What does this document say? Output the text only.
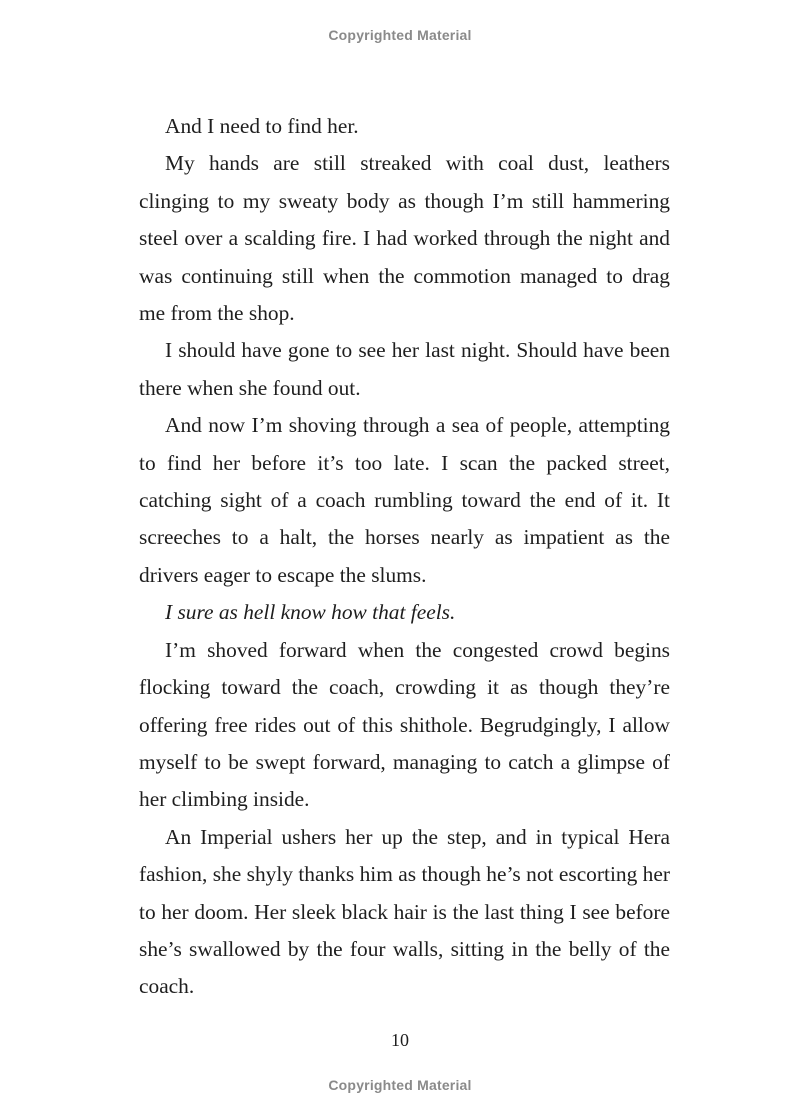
Copyrighted Material

And I need to find her.

My hands are still streaked with coal dust, leathers clinging to my sweaty body as though I’m still hammering steel over a scalding fire. I had worked through the night and was continuing still when the commotion managed to drag me from the shop.

I should have gone to see her last night. Should have been there when she found out.

And now I’m shoving through a sea of people, attempting to find her before it’s too late. I scan the packed street, catching sight of a coach rumbling toward the end of it. It screeches to a halt, the horses nearly as impatient as the drivers eager to escape the slums.

I sure as hell know how that feels.

I’m shoved forward when the congested crowd begins flocking toward the coach, crowding it as though they’re offering free rides out of this shithole. Begrudgingly, I allow myself to be swept forward, managing to catch a glimpse of her climbing inside.

An Imperial ushers her up the step, and in typical Hera fashion, she shyly thanks him as though he’s not escorting her to her doom. Her sleek black hair is the last thing I see before she’s swallowed by the four walls, sitting in the belly of the coach.

10
Copyrighted Material
